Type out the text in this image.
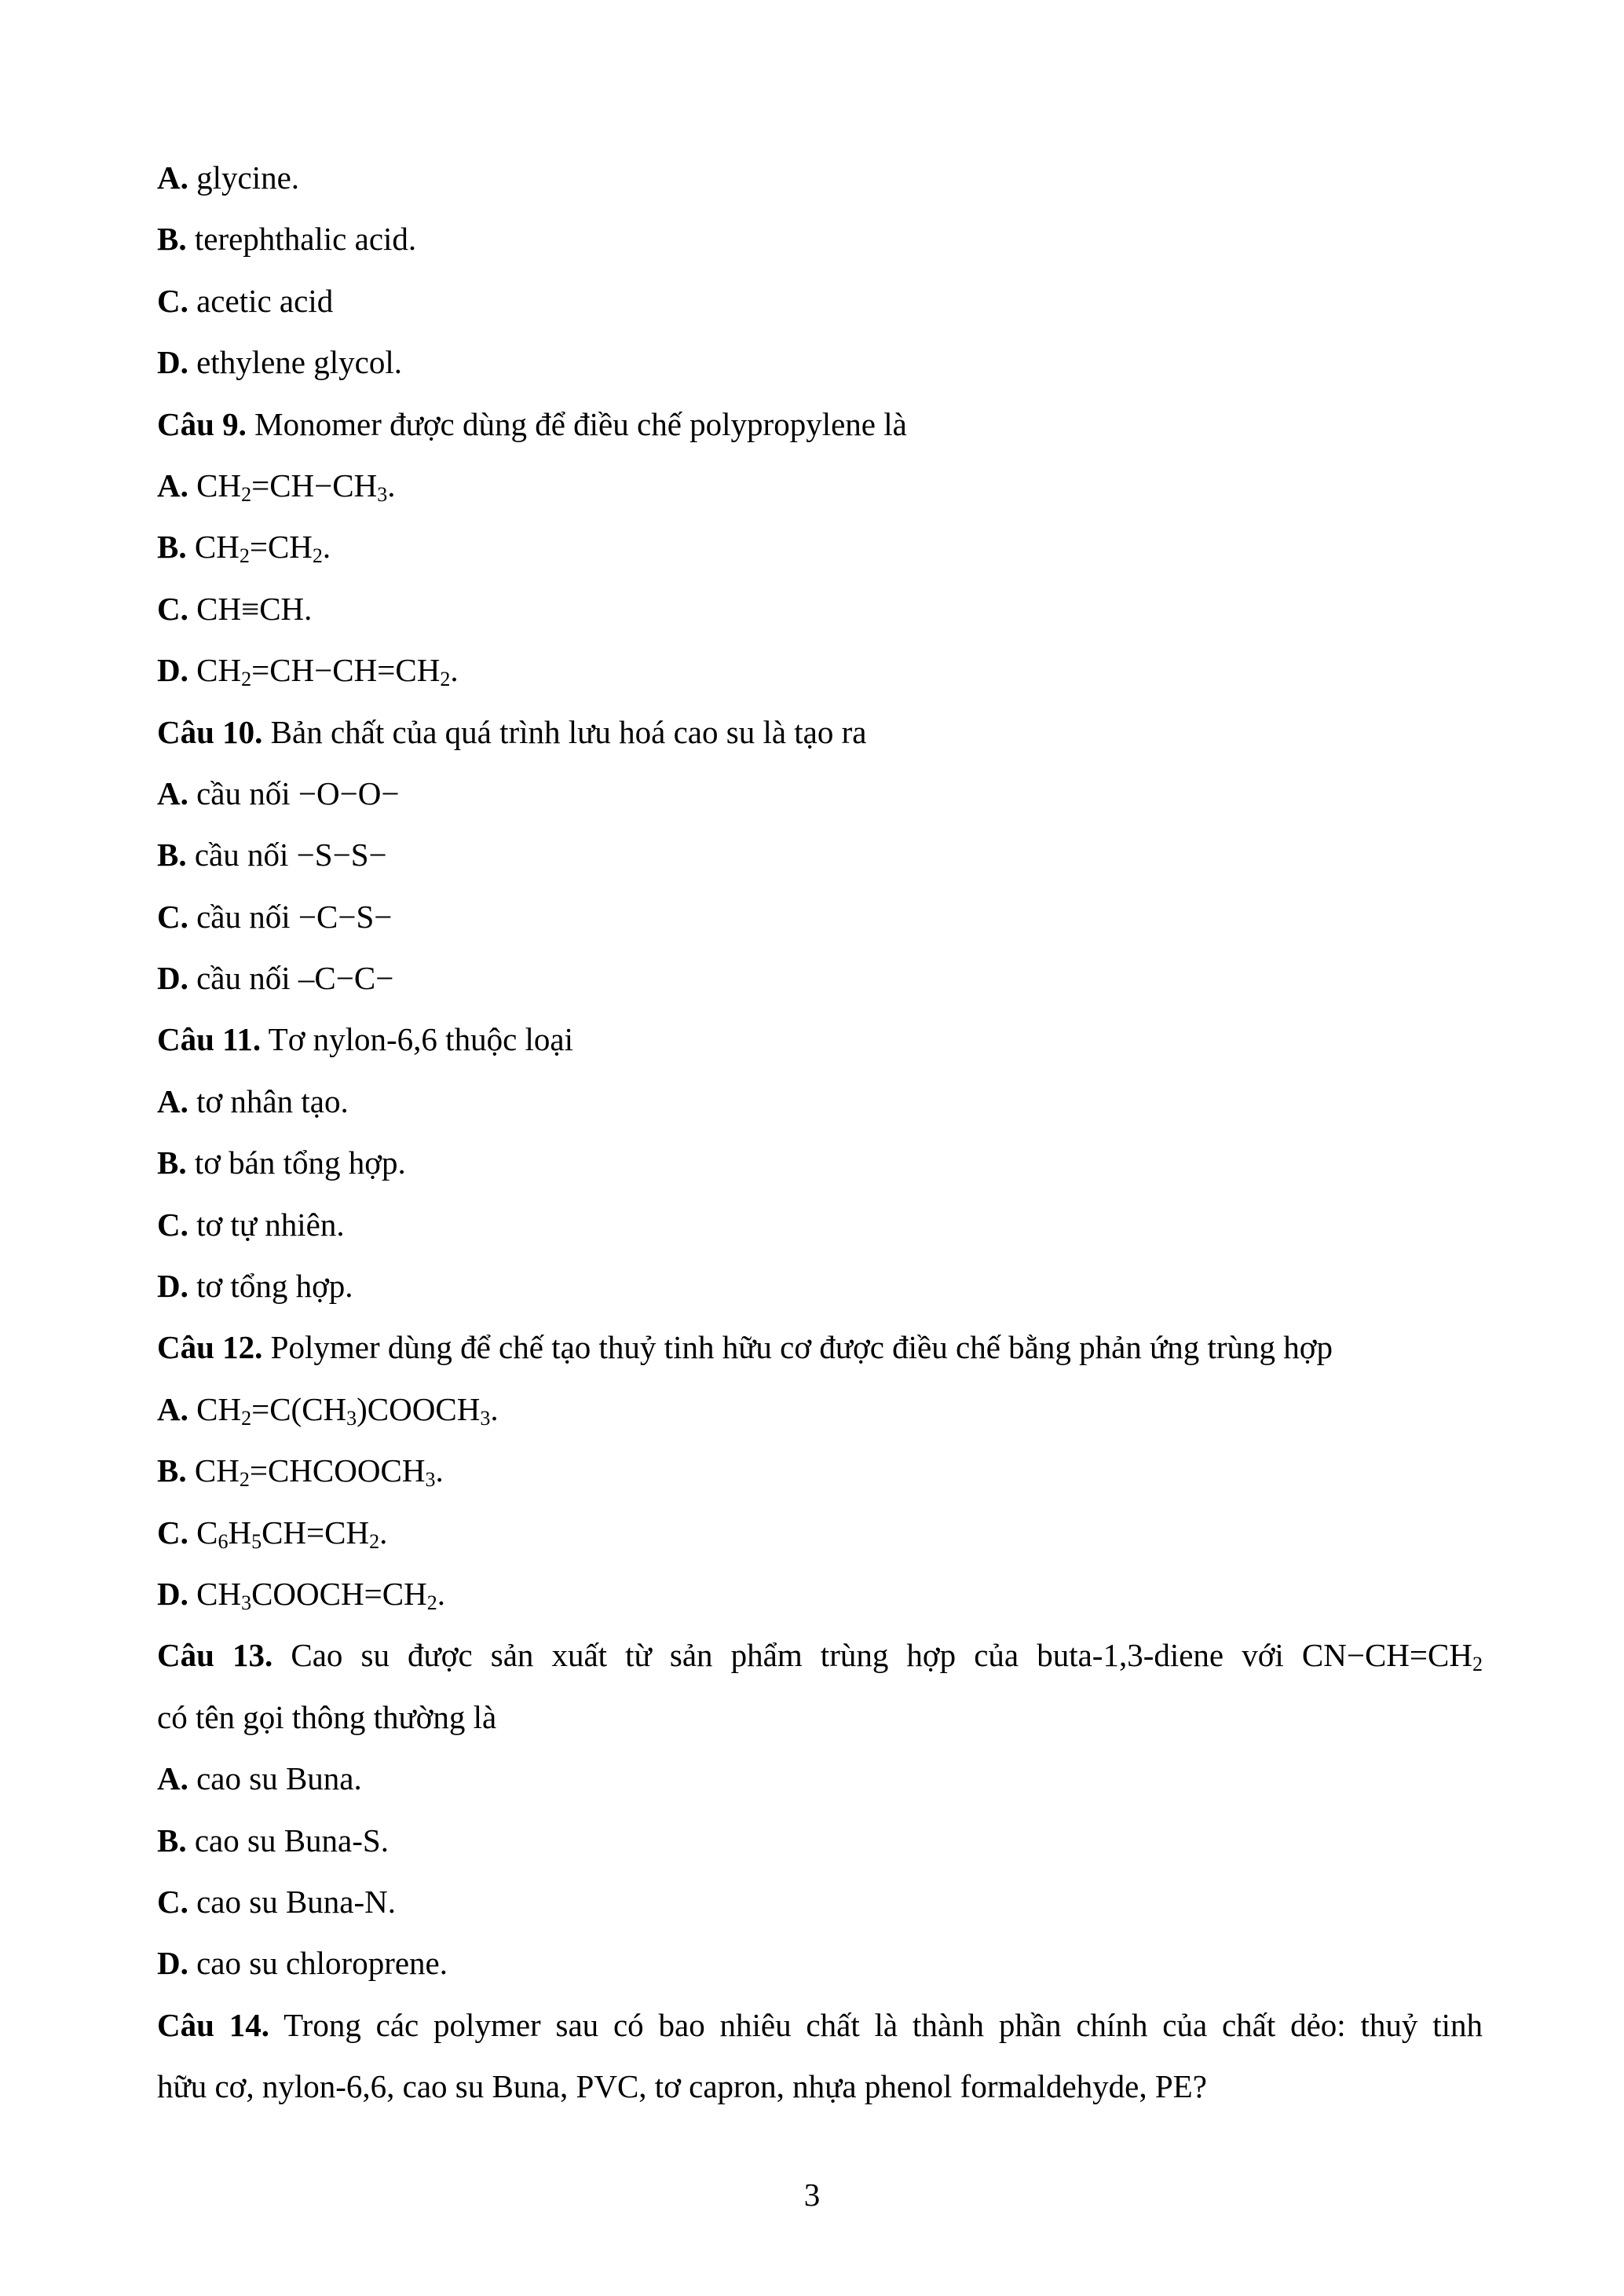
A. glycine.
B. terephthalic acid.
C. acetic acid
D. ethylene glycol.
Câu 9. Monomer được dùng để điều chế polypropylene là
A. $CH_2=CH-CH_3$.
B. $CH_2=CH_2$.
C. CH≡CH.
D. $CH_2=CH-CH=CH_2$.
Câu 10. Bản chất của quá trình lưu hoá cao su là tạo ra
A. cầu nối −O−O−
B. cầu nối −S−S−
C. cầu nối −C−S−
D. cầu nối –C−C−
Câu 11. Tơ nylon-6,6 thuộc loại
A. tơ nhân tạo.
B. tơ bán tổng hợp.
C. tơ tự nhiên.
D. tơ tổng hợp.
Câu 12. Polymer dùng để chế tạo thuỷ tinh hữu cơ được điều chế bằng phản ứng trùng hợp
A. $CH_2=C(CH_3)COOCH_3$.
B. $CH_2=CHCOOCH_3$.
C. $C_6H_5CH=CH_2$.
D. $CH_3COOCH=CH_2$.
Câu 13. Cao su được sản xuất từ sản phẩm trùng hợp của buta-1,3-diene với $CN-CH=CH_2$
có tên gọi thông thường là
A. cao su Buna.
B. cao su Buna-S.
C. cao su Buna-N.
D. cao su chloroprene.
Câu 14. Trong các polymer sau có bao nhiêu chất là thành phần chính của chất dẻo: thuỷ tinh
hữu cơ, nylon-6,6, cao su Buna, PVC, tơ capron, nhựa phenol formaldehyde, PE?
3
